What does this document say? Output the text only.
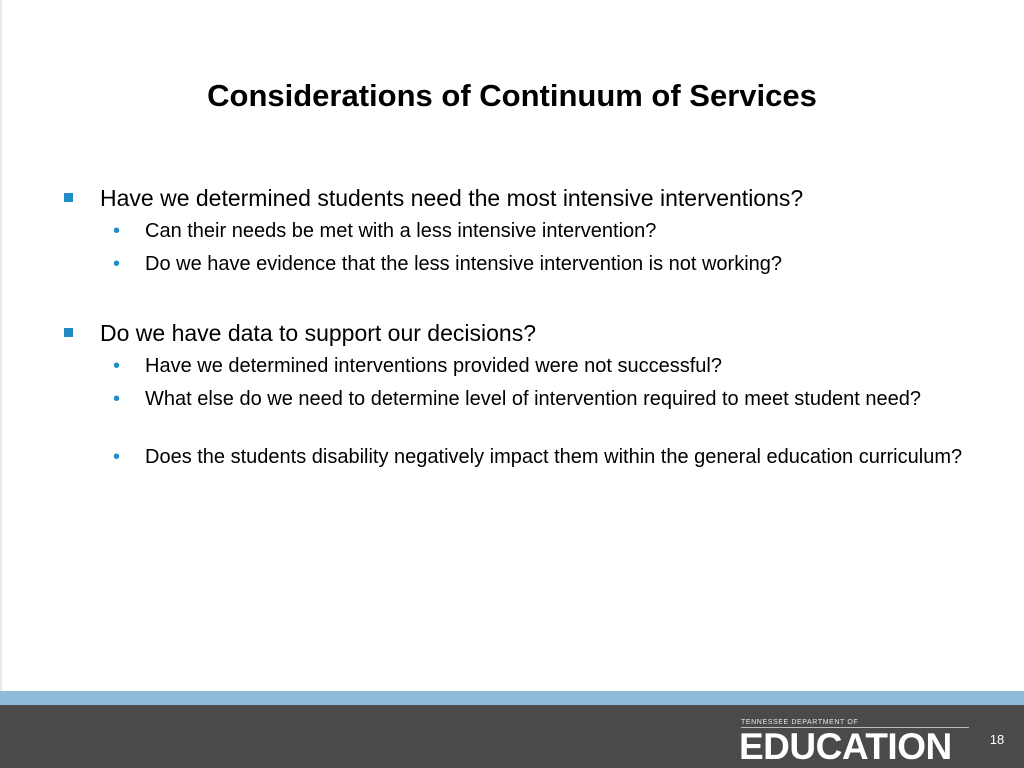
Considerations of Continuum of Services
Have we determined students need the most intensive interventions?
• Can their needs be met with a less intensive intervention?
• Do we have evidence that the less intensive intervention is not working?
Do we have data to support our decisions?
• Have we determined interventions provided were not successful?
• What else do we need to determine level of intervention required to meet student need?
• Does the students disability negatively impact them within the general education curriculum?
TENNESSEE DEPARTMENT OF
EDUCATION	18
